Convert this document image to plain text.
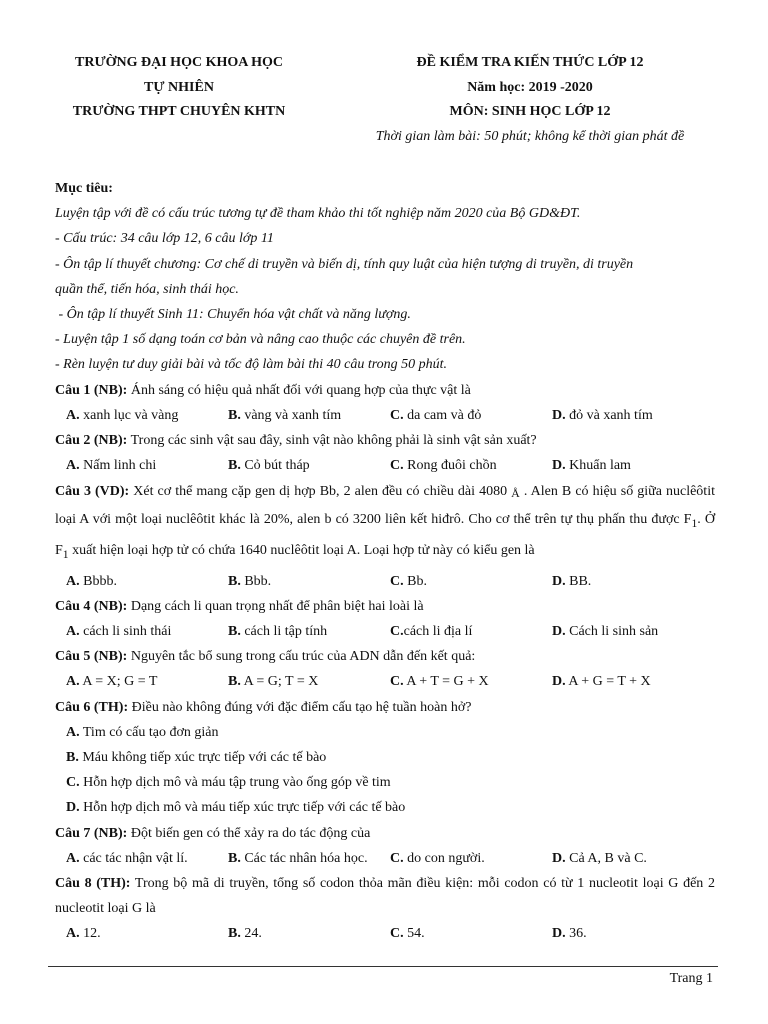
TRƯỜNG ĐẠI HỌC KHOA HỌC
TỰ NHIÊN
TRƯỜNG THPT CHUYÊN KHTN
ĐỀ KIỂM TRA KIẾN THỨC LỚP 12
Năm học: 2019 -2020
MÔN: SINH HỌC LỚP 12
Thời gian làm bài: 50 phút; không kể thời gian phát đề
Mục tiêu:
Luyện tập với đề có cấu trúc tương tự đề tham khảo thi tốt nghiệp năm 2020 của Bộ GD&ĐT.
- Cấu trúc: 34 câu lớp 12, 6 câu lớp 11
- Ôn tập lí thuyết chương: Cơ chế di truyền và biến dị, tính quy luật của hiện tượng di truyền, di truyền
quần thể, tiến hóa, sinh thái học.
- Ôn tập lí thuyết Sinh 11: Chuyển hóa vật chất và năng lượng.
- Luyện tập 1 số dạng toán cơ bản và nâng cao thuộc các chuyên đề trên.
- Rèn luyện tư duy giải bài và tốc độ làm bài thi 40 câu trong 50 phút.
Câu 1 (NB): Ánh sáng có hiệu quả nhất đối với quang hợp của thực vật là
A. xanh lục và vàng	B. vàng và xanh tím	C. da cam và đỏ	D. đỏ và xanh tím
Câu 2 (NB): Trong các sinh vật sau đây, sinh vật nào không phải là sinh vật sản xuất?
A. Nấm linh chi	B. Cỏ bút tháp	C. Rong đuôi chồn	D. Khuẩn lam
Câu 3 (VD): Xét cơ thể mang cặp gen dị hợp Bb, 2 alen đều có chiều dài 4080 Å . Alen B có hiệu số giữa nuclêôtit loại A với một loại nuclêôtit khác là 20%, alen b có 3200 liên kết hiđrô. Cho cơ thể trên tự thụ phấn thu được $F_1$. Ở $F_1$ xuất hiện loại hợp tử có chứa 1640 nuclêôtit loại A. Loại hợp tử này có kiểu gen là
A. Bbbb.	B. Bbb.	C. Bb.	D. BB.
Câu 4 (NB): Dạng cách li quan trọng nhất để phân biệt hai loài là
A. cách li sinh thái	B. cách li tập tính	C.cách li địa lí	D. Cách li sinh sản
Câu 5 (NB): Nguyên tắc bổ sung trong cấu trúc của ADN dẫn đến kết quả:
A. A = X; G = T	B. A = G; T = X	C. A + T = G + X	D. A + G = T + X
Câu 6 (TH): Điều nào không đúng với đặc điểm cấu tạo hệ tuần hoàn hở?
A. Tim có cấu tạo đơn giản
B. Máu không tiếp xúc trực tiếp với các tế bào
C. Hỗn hợp dịch mô và máu tập trung vào ống góp về tim
D. Hỗn hợp dịch mô và máu tiếp xúc trực tiếp với các tế bào
Câu 7 (NB): Đột biến gen có thể xảy ra do tác động của
A. các tác nhận vật lí.	B. Các tác nhân hóa học.	C. do con người.	D. Cả A, B và C.
Câu 8 (TH): Trong bộ mã di truyền, tổng số codon thỏa mãn điều kiện: mỗi codon có từ 1 nucleotit loại G đến 2 nucleotit loại G là
A. 12.	B. 24.	C. 54.	D. 36.
Trang 1
